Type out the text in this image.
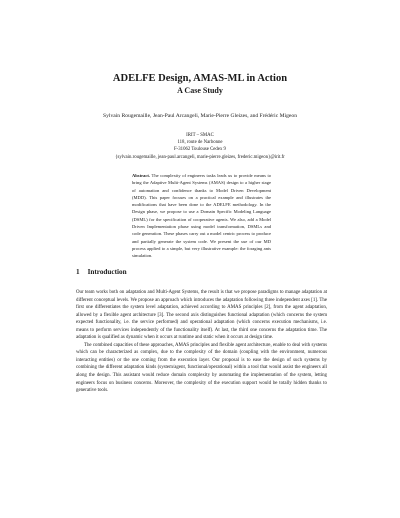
ADELFE Design, AMAS-ML in Action
A Case Study
Sylvain Rougemaille, Jean-Paul Arcangeli, Marie-Pierre Gleizes, and Frédéric Migeon
IRIT – SMAC
118, route de Narbonne
F-31062 Toulouse Cedex 9
{sylvain.rougemaille, jean-paul.arcangeli, marie-pierre.gleizes, frederic.migeon}@irit.fr
Abstract. The complexity of engineers tasks leads us to provide means to bring the Adaptive Multi-Agent Systems (AMAS) design to a higher stage of automation and confidence thanks to Model Driven Development (MDD). This paper focuses on a practical example and illustrates the modifications that have been done to the ADELFE methodology. In the Design phase, we propose to use a Domain Specific Modeling Language (DSML) for the specification of cooperative agents. We also, add a Model Driven Implementation phase using model transformation, DSMLs and code generation. These phases carry out a model centric process to produce and partially generate the system code. We present the use of our MD process applied to a simple, but very illustrative example: the foraging ants simulation.
1 Introduction

Our team works both on adaptation and Multi-Agent Systems, the result is that we propose paradigms to manage adaptation at different conceptual levels. We propose an approach which introduces the adaptation following three independent axes [1]. The first one differentiates the system level adaptation, achieved according to AMAS principles [2], from the agent adaptation, allowed by a flexible agent architecture [3]. The second axis distinguishes functional adaptation (which concerns the system expected functionality, i.e. the service performed) and operational adaptation (which concerns execution mechanisms, i.e. means to perform services independently of the functionality itself). At last, the third one concerns the adaptation time. The adaptation is qualified as dynamic when it occurs at runtime and static when it occurs at design time.

The combined capacities of these approaches, AMAS principles and flexible agent architecture, enable to deal with systems which can be characterized as complex, due to the complexity of the domain (coupling with the environment, numerous interacting entities) or the one coming from the execution layer. Our proposal is to ease the design of such systems by combining the different adaptation kinds (system/agent, functional/operational) within a tool that would assist the engineers all along the design. This assistant would reduce domain complexity by automating the implementation of the system, letting engineers focus on business concerns. Moreover, the complexity of the execution support would be totally hidden thanks to generative tools.
